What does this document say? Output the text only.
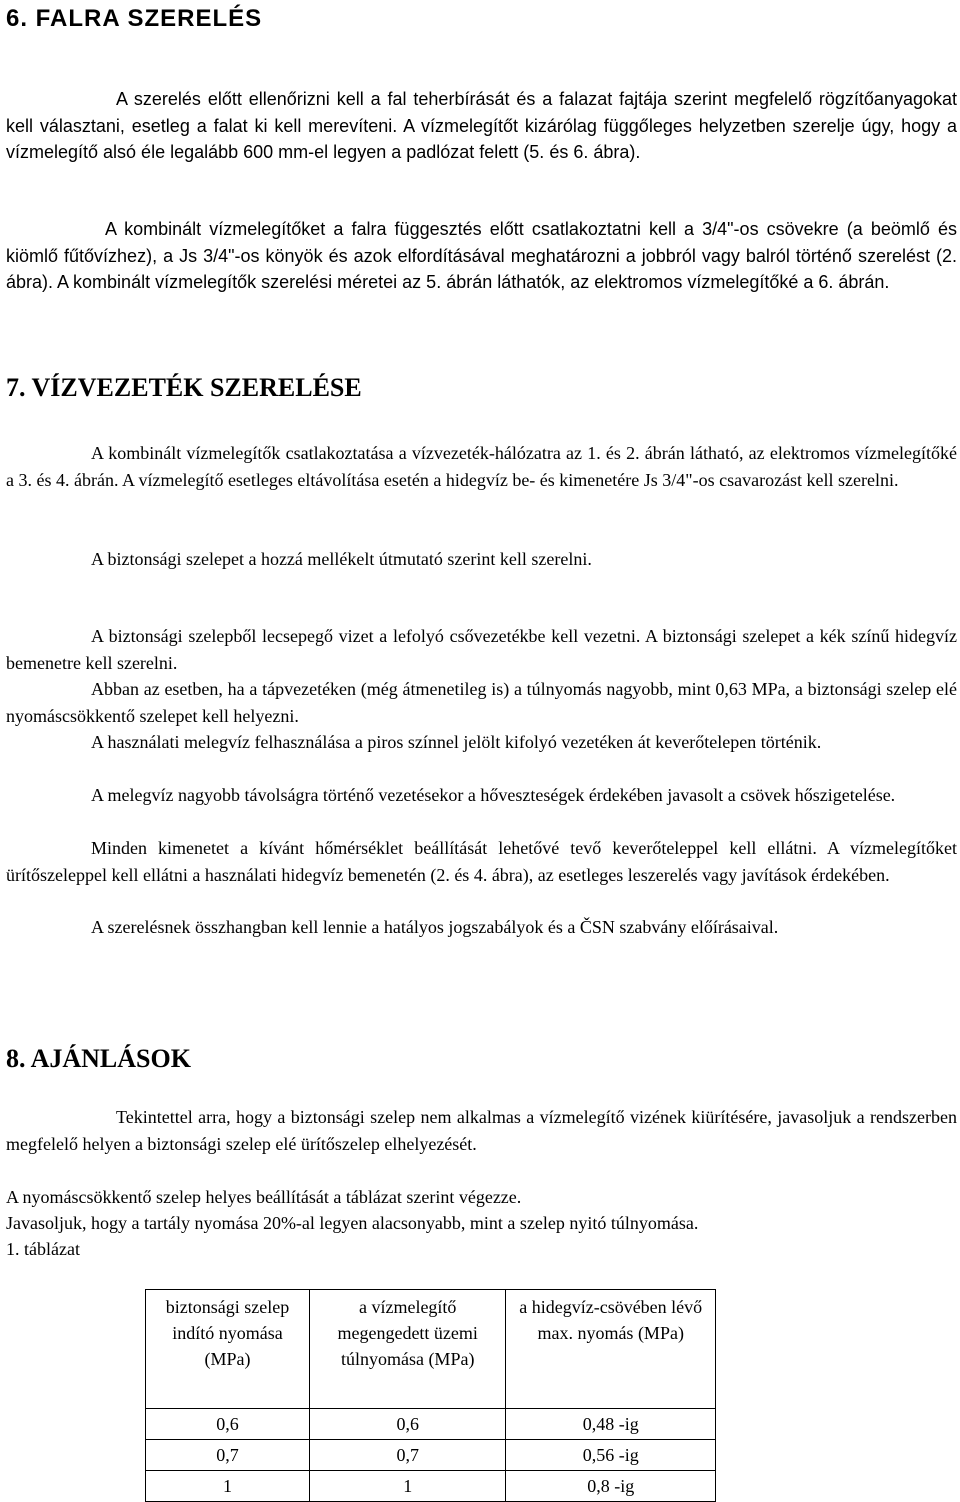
6. FALRA SZERELÉS

A szerelés előtt ellenőrizni kell a fal teherbírását és a falazat fajtája szerint megfelelő rögzítőanyagokat kell választani, esetleg a falat ki kell merevíteni. A vízmelegítőt kizárólag függőleges helyzetben szerelje úgy, hogy a vízmelegítő alsó éle legalább 600 mm-el legyen a padlózat felett (5. és 6. ábra).

A kombinált vízmelegítőket a falra függesztés előtt csatlakoztatni kell a 3/4"-os csövekre (a beömlő és kiömlő fűtővízhez), a Js 3/4"-os könyök és azok elfordításával meghatározni a jobbról vagy balról történő szerelést (2. ábra). A kombinált vízmelegítők szerelési méretei az 5. ábrán láthatók, az elektromos vízmelegítőké a 6. ábrán.

7. VÍZVEZETÉK SZERELÉSE

A kombinált vízmelegítők csatlakoztatása a vízvezeték-hálózatra az 1. és 2. ábrán látható, az elektromos vízmelegítőké a 3. és 4. ábrán. A vízmelegítő esetleges eltávolítása esetén a hidegvíz be- és kimenetére Js 3/4"-os csavarozást kell szerelni.

A biztonsági szelepet a hozzá mellékelt útmutató szerint kell szerelni.

A biztonsági szelepből lecsepegő vizet a lefolyó csővezetékbe kell vezetni. A biztonsági szelepet a kék színű hidegvíz bemenetre kell szerelni.

Abban az esetben, ha a tápvezetéken (még átmenetileg is) a túlnyomás nagyobb, mint 0,63 MPa, a biztonsági szelep elé nyomáscsökkentő szelepet kell helyezni.

A használati melegvíz felhasználása a piros színnel jelölt kifolyó vezetéken át keverőtelepen történik.

A melegvíz nagyobb távolságra történő vezetésekor a hőveszteségek érdekében javasolt a csövek hőszigetelése.

Minden kimenetet a kívánt hőmérséklet beállítását lehetővé tevő keverőteleppel kell ellátni. A vízmelegítőket ürítőszeleppel kell ellátni a használati hidegvíz bemenetén (2. és 4. ábra), az esetleges leszerelés vagy javítások érdekében.

A szerelésnek összhangban kell lennie a hatályos jogszabályok és a ČSN szabvány előírásaival.

8. AJÁNLÁSOK

Tekintettel arra, hogy a biztonsági szelep nem alkalmas a vízmelegítő vizének kiürítésére, javasoljuk a rendszerben megfelelő helyen a biztonsági szelep elé ürítőszelep elhelyezését.

A nyomáscsökkentő szelep helyes beállítását a táblázat szerint végezze.

Javasoljuk, hogy a tartály nyomása 20%-al legyen alacsonyabb, mint a szelep nyitó túlnyomása.

1. táblázat
biztonsági szelep indító nyomása (MPa)	a vízmelegítő megengedett üzemi túlnyomása (MPa)	a hidegvíz-csövében lévő max. nyomás (MPa)
0,6	0,6	0,48 -ig
0,7	0,7	0,56 -ig
1	1	0,8 -ig
